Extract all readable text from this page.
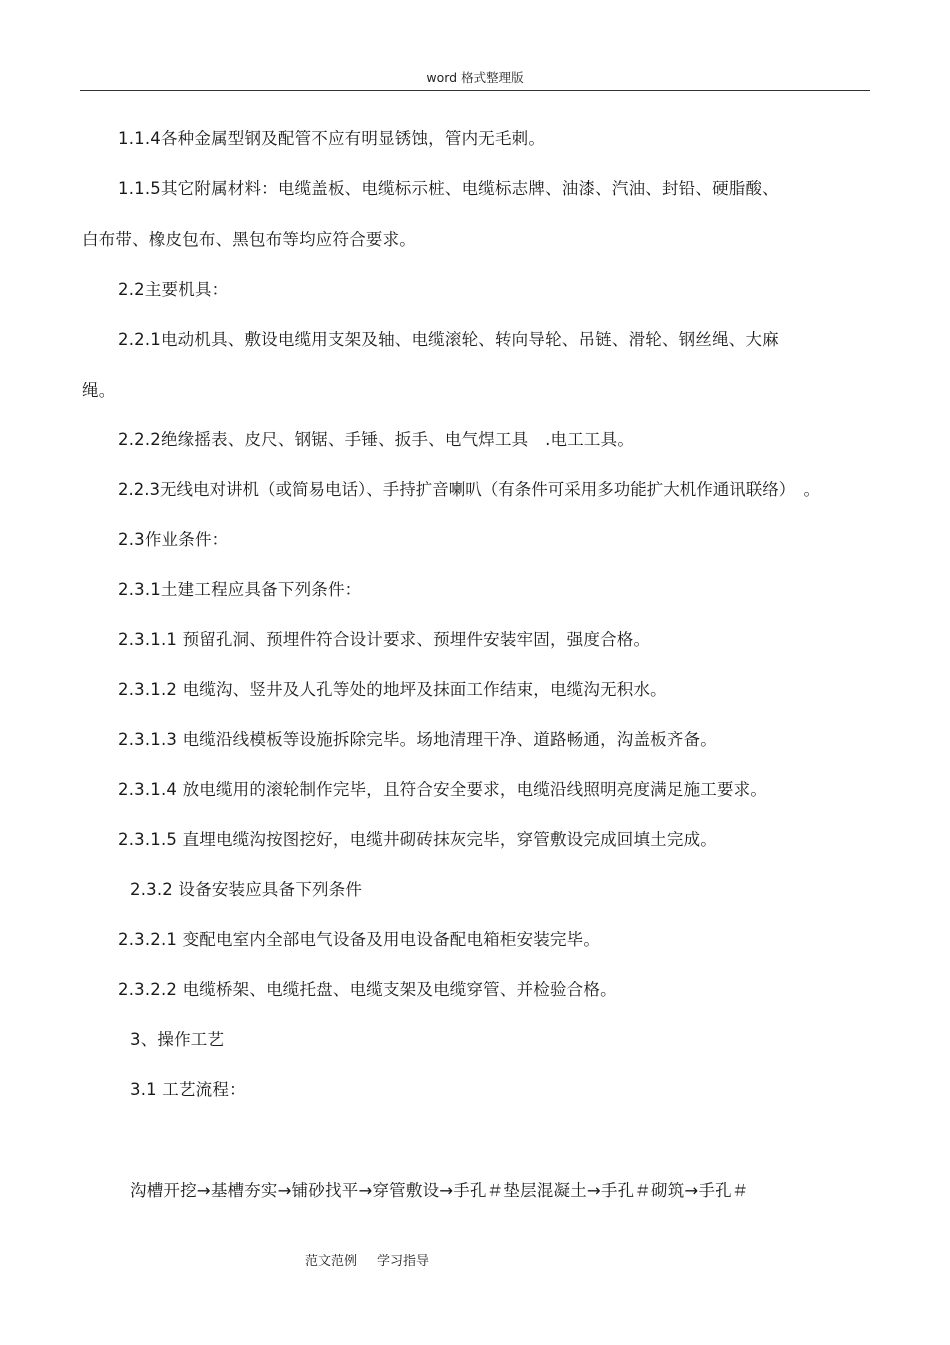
word 格式整理版
1.1.4各种金属型钢及配管不应有明显锈蚀，管内无毛刺。
1.1.5其它附属材料：电缆盖板、电缆标示桩、电缆标志牌、油漆、汽油、封铅、硬脂酸、
白布带、橡皮包布、黑包布等均应符合要求。
2.2主要机具：
2.2.1电动机具、敷设电缆用支架及轴、电缆滚轮、转向导轮、吊链、滑轮、钢丝绳、大麻
绳。
2.2.2绝缘摇表、皮尺、钢锯、手锤、扳手、电气焊工具　.电工工具。
2.2.3无线电对讲机（或简易电话）、手持扩音喇叭（有条件可采用多功能扩大机作通讯联络）　。
2.3作业条件：
2.3.1土建工程应具备下列条件：
2.3.1.1 预留孔洞、预埋件符合设计要求、预埋件安装牢固，强度合格。
2.3.1.2 电缆沟、竖井及人孔等处的地坪及抹面工作结束，电缆沟无积水。
2.3.1.3 电缆沿线模板等设施拆除完毕。场地清理干净、道路畅通，沟盖板齐备。
2.3.1.4 放电缆用的滚轮制作完毕，且符合安全要求，电缆沿线照明亮度满足施工要求。
2.3.1.5 直埋电缆沟按图挖好，电缆井砌砖抹灰完毕，穿管敷设完成回填土完成。
2.3.2 设备安装应具备下列条件
2.3.2.1 变配电室内全部电气设备及用电设备配电箱柜安装完毕。
2.3.2.2 电缆桥架、电缆托盘、电缆支架及电缆穿管、并检验合格。
3、操作工艺
3.1 工艺流程：
沟槽开挖→基槽夯实→铺砂找平→穿管敷设→手孔＃垫层混凝土→手孔＃砌筑→手孔＃
范文范例 学习指导
